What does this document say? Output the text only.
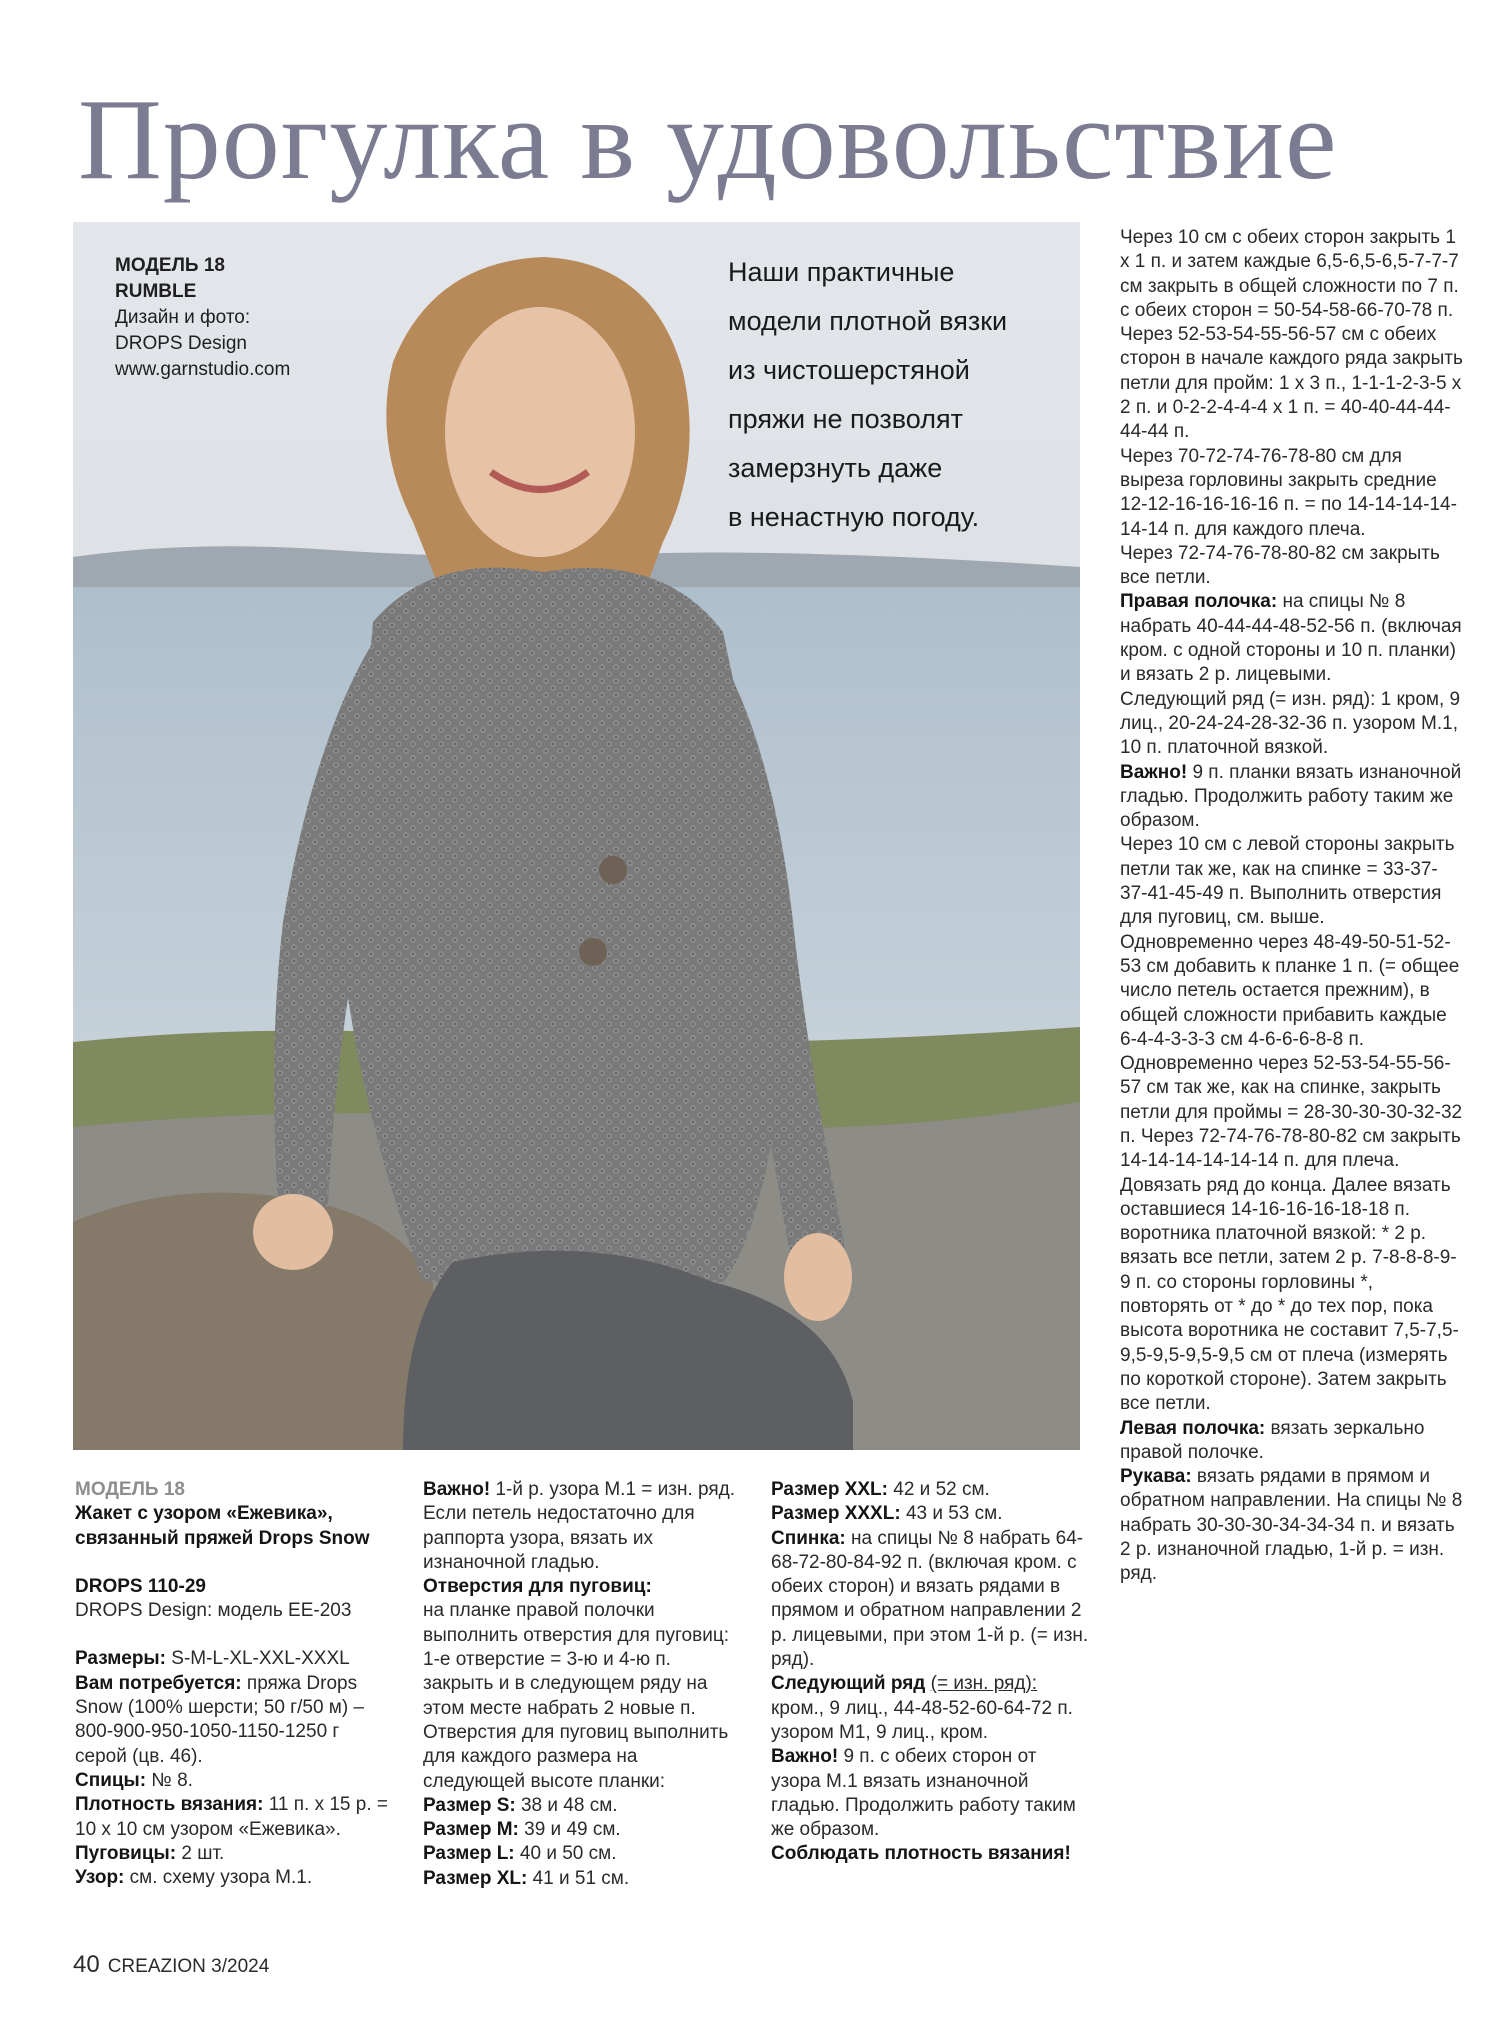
Прогулка в удовольствие
МОДЕЛЬ 18
RUMBLE
Дизайн и фото:
DROPS Design
www.garnstudio.com
Наши практичные
модели плотной вязки
из чистошерстяной
пряжи не позволят
замерзнуть даже
в ненастную погоду.

Через 10 см с обеих сторон закрыть 1 х 1 п. и затем каждые 6,5-6,5-6,5-7-7-7 см закрыть в общей сложности по 7 п. с обеих сторон = 50-54-58-66-70-78 п.

Через 52-53-54-55-56-57 см с обеих сторон в начале каждого ряда закрыть петли для пройм: 1 х 3 п., 1-1-1-2-3-5 х 2 п. и 0-2-2-4-4-4 х 1 п. = 40-40-44-44-44-44 п.

Через 70-72-74-76-78-80 см для выреза горловины закрыть средние 12-12-16-16-16-16 п. = по 14-14-14-14-14-14 п. для каждого плеча.

Через 72-74-76-78-80-82 см закрыть все петли.

Правая полочка: на спицы № 8 набрать 40-44-44-48-52-56 п. (включая кром. с одной стороны и 10 п. планки) и вязать 2 р. лицевыми.

Следующий ряд (= изн. ряд): 1 кром, 9 лиц., 20-24-24-28-32-36 п. узором М.1, 10 п. платочной вязкой.

Важно! 9 п. планки вязать изнаночной гладью. Продолжить работу таким же образом.

Через 10 см с левой стороны закрыть петли так же, как на спинке = 33-37-37-41-45-49 п. Выполнить отверстия для пуговиц, см. выше.

Одновременно через 48-49-50-51-52-53 см добавить к планке 1 п. (= общее число петель остается прежним), в общей сложности прибавить каждые 6-4-4-3-3-3 см 4-6-6-6-8-8 п.

Одновременно через 52-53-54-55-56-57 см так же, как на спинке, закрыть петли для проймы = 28-30-30-30-32-32 п. Через 72-74-76-78-80-82 см закрыть 14-14-14-14-14-14 п. для плеча. Довязать ряд до конца. Далее вязать оставшиеся 14-16-16-16-18-18 п. воротника платочной вязкой: * 2 р. вязать все петли, затем 2 р. 7-8-8-8-9-9 п. со стороны горловины *, повторять от * до * до тех пор, пока высота воротника не составит 7,5-7,5-9,5-9,5-9,5-9,5 см от плеча (измерять по короткой стороне). Затем закрыть все петли.

Левая полочка: вязать зеркально правой полочке.

Рукава: вязать рядами в прямом и обратном направлении. На спицы № 8 набрать 30-30-30-34-34-34 п. и вязать 2 р. изнаночной гладью, 1-й р. = изн. ряд.

МОДЕЛЬ 18

Жакет с узором «Ежевика», связанный пряжей Drops Snow

DROPS 110-29

DROPS Design: модель EE-203

Размеры: S-M-L-XL-XXL-XXXL

Вам потребуется: пряжа Drops Snow (100% шерсти; 50 г/50 м) – 800-900-950-1050-1150-1250 г серой (цв. 46).

Спицы: № 8.

Плотность вязания: 11 п. х 15 р. = 10 х 10 см узором «Ежевика».

Пуговицы: 2 шт.

Узор: см. схему узора М.1.

Важно! 1-й р. узора М.1 = изн. ряд. Если петель недостаточно для раппорта узора, вязать их изнаночной гладью.

Отверстия для пуговиц:

на планке правой полочки выполнить отверстия для пуговиц: 1-е отверстие = 3-ю и 4-ю п. закрыть и в следующем ряду на этом месте набрать 2 новые п. Отверстия для пуговиц выполнить для каждого размера на следующей высоте планки:

Размер S: 38 и 48 см.

Размер M: 39 и 49 см.

Размер L: 40 и 50 см.

Размер XL: 41 и 51 см.

Размер XXL: 42 и 52 см.

Размер XXXL: 43 и 53 см.

Спинка: на спицы № 8 набрать 64-68-72-80-84-92 п. (включая кром. с обеих сторон) и вязать рядами в прямом и обратном направлении 2 р. лицевыми, при этом 1-й р. (= изн. ряд).

Следующий ряд (= изн. ряд): кром., 9 лиц., 44-48-52-60-64-72 п. узором М1, 9 лиц., кром.

Важно! 9 п. с обеих сторон от узора М.1 вязать изнаночной гладью. Продолжить работу таким же образом.

Соблюдать плотность вязания!

40 CREAZION 3/2024
